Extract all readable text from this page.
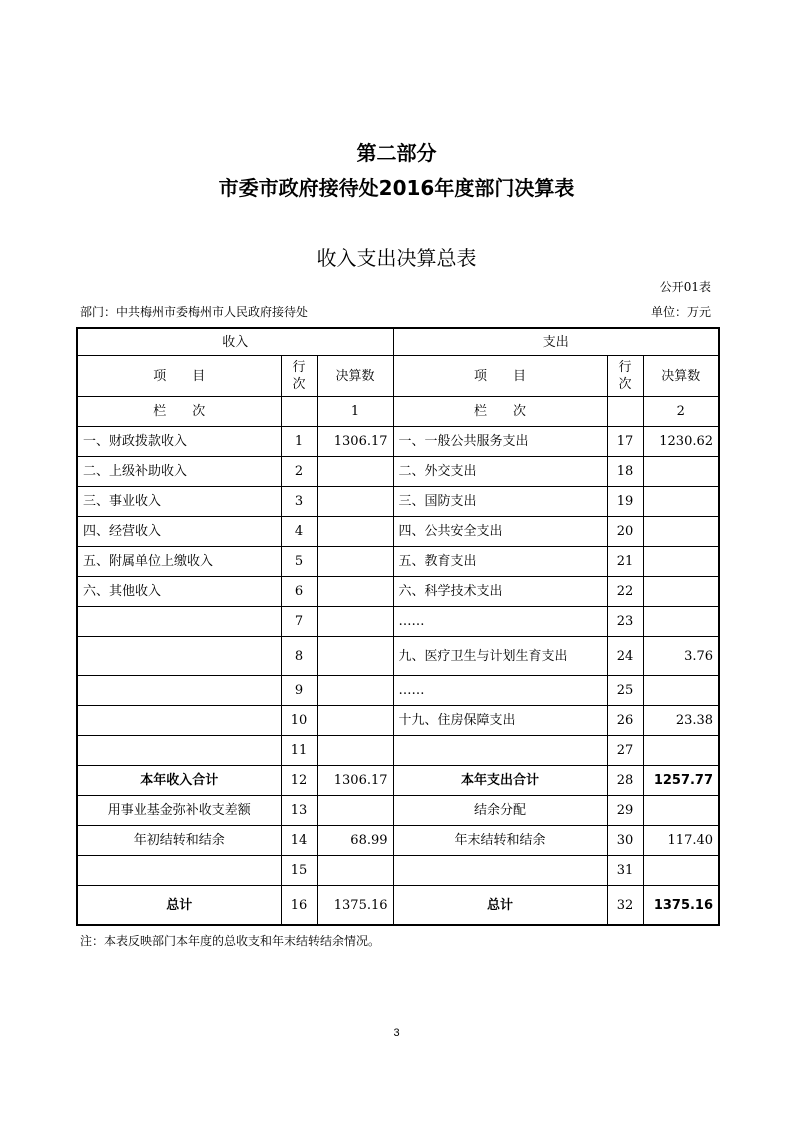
第二部分
市委市政府接待处2016年度部门决算表
收入支出决算总表
公开01表
部门：中共梅州市委梅州市人民政府接待处	单位：万元
收入			支出		
项　　目	行次	决算数	项　　目	行次	决算数
栏　　次		1	栏　　次		2
一、财政拨款收入	1	1306.17	一、一般公共服务支出	17	1230.62
二、上级补助收入	2		二、外交支出	18	
三、事业收入	3		三、国防支出	19	
四、经营收入	4		四、公共安全支出	20	
五、附属单位上缴收入	5		五、教育支出	21	
六、其他收入	6		六、科学技术支出	22	
	7		……	23	
	8		九、医疗卫生与计划生育支出	24	3.76
	9		……	25	
	10		十九、住房保障支出	26	23.38
	11			27	
本年收入合计	12	1306.17	本年支出合计	28	1257.77
用事业基金弥补收支差额	13		结余分配	29	
年初结转和结余	14	68.99	年末结转和结余	30	117.40
	15			31	
总计	16	1375.16	总计	32	1375.16
注：本表反映部门本年度的总收支和年末结转结余情况。
3
